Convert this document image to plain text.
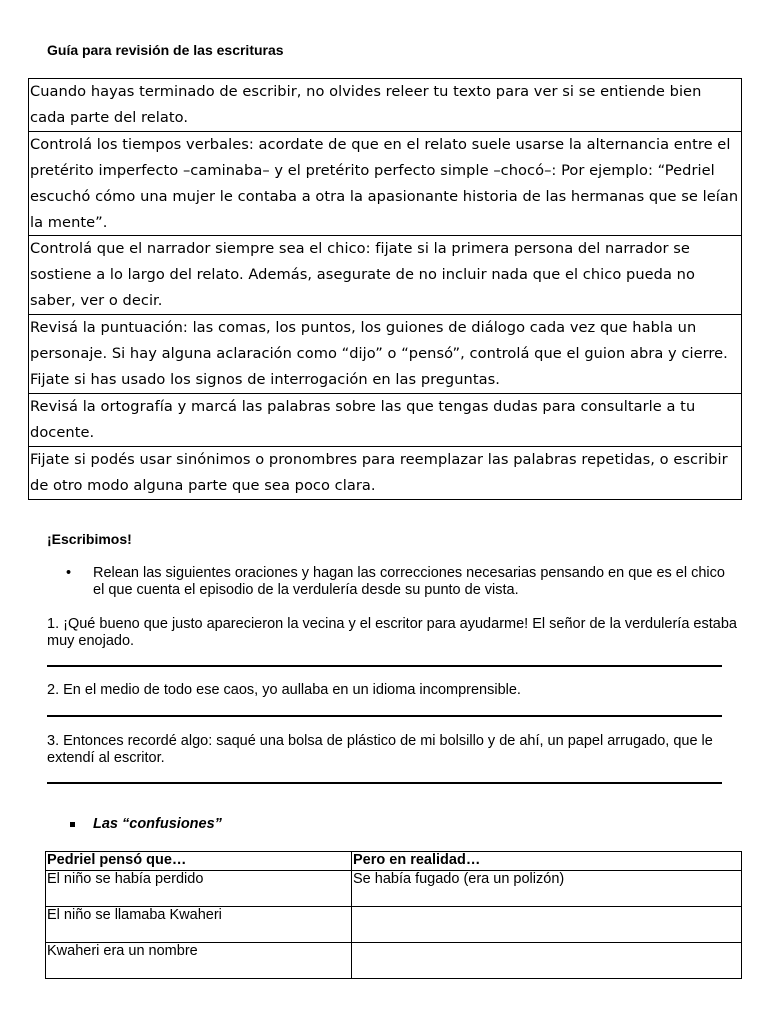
Guía para revisión de las escrituras
Cuando hayas terminado de escribir, no olvides releer tu texto para ver si se entiende bien cada parte del relato.
Controlá los tiempos verbales: acordate de que en el relato suele usarse la alternancia entre el pretérito imperfecto –caminaba– y el pretérito perfecto simple –chocó–: Por ejemplo: “Pedriel escuchó cómo una mujer le contaba a otra la apasionante historia de las hermanas que se leían la mente”.
Controlá que el narrador siempre sea el chico: fijate si la primera persona del narrador se sostiene a lo largo del relato. Además, asegurate de no incluir nada que el chico pueda no saber, ver o decir.
Revisá la puntuación: las comas, los puntos, los guiones de diálogo cada vez que habla un personaje. Si hay alguna aclaración como “dijo” o “pensó”, controlá que el guion abra y cierre. Fijate si has usado los signos de interrogación en las preguntas.
Revisá la ortografía y marcá las palabras sobre las que tengas dudas para consultarle a tu docente.
Fijate si podés usar sinónimos o pronombres para reemplazar las palabras repetidas, o escribir de otro modo alguna parte que sea poco clara.
¡Escribimos!
• Relean las siguientes oraciones y hagan las correcciones necesarias pensando en que es el chico el que cuenta el episodio de la verdulería desde su punto de vista.
1. ¡Qué bueno que justo aparecieron la vecina y el escritor para ayudarme! El señor de la verdulería estaba muy enojado.
2. En el medio de todo ese caos, yo aullaba en un idioma incomprensible.
3. Entonces recordé algo: saqué una bolsa de plástico de mi bolsillo y de ahí, un papel arrugado, que le extendí al escritor.
Las “confusiones”
Pedriel pensó que…	Pero en realidad…
El niño se había perdido	Se había fugado (era un polizón)
El niño se llamaba Kwaheri	
Kwaheri era un nombre	
